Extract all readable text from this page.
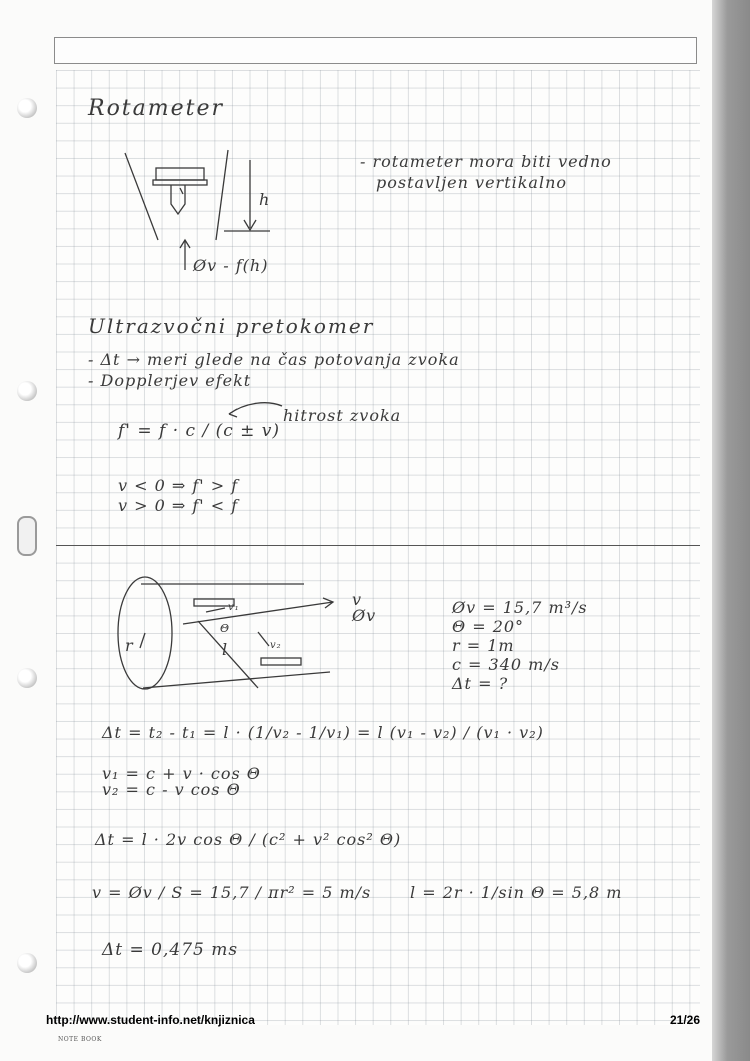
Rotameter
h
Øv - f(h)
- rotameter mora biti vedno
postavljen vertikalno
Ultrazvočni pretokomer
- Δt → meri glede na čas potovanja zvoka
- Dopplerjev efekt
f' = f · c / (c ± v)
hitrost zvoka
v < 0 ⇒ f' > f
v > 0 ⇒ f' < f
r
v
Øv
v₁
v₂
Θ
l
Øv = 15,7 m³/s
Θ = 20°
r = 1m
c = 340 m/s
Δt = ?
Δt = t₂ - t₁ = l · (1/v₂ - 1/v₁) = l (v₁ - v₂) / (v₁ · v₂)
v₁ = c + v · cos Θ
v₂ = c - v cos Θ
Δt = l · 2v cos Θ / (c² + v² cos² Θ)
v = Øv / S = 15,7 / πr² = 5 m/s l = 2r · 1/sin Θ = 5,8 m
Δt = 0,475 ms
http://www.student-info.net/knjiznica	21/26
NOTE BOOK
